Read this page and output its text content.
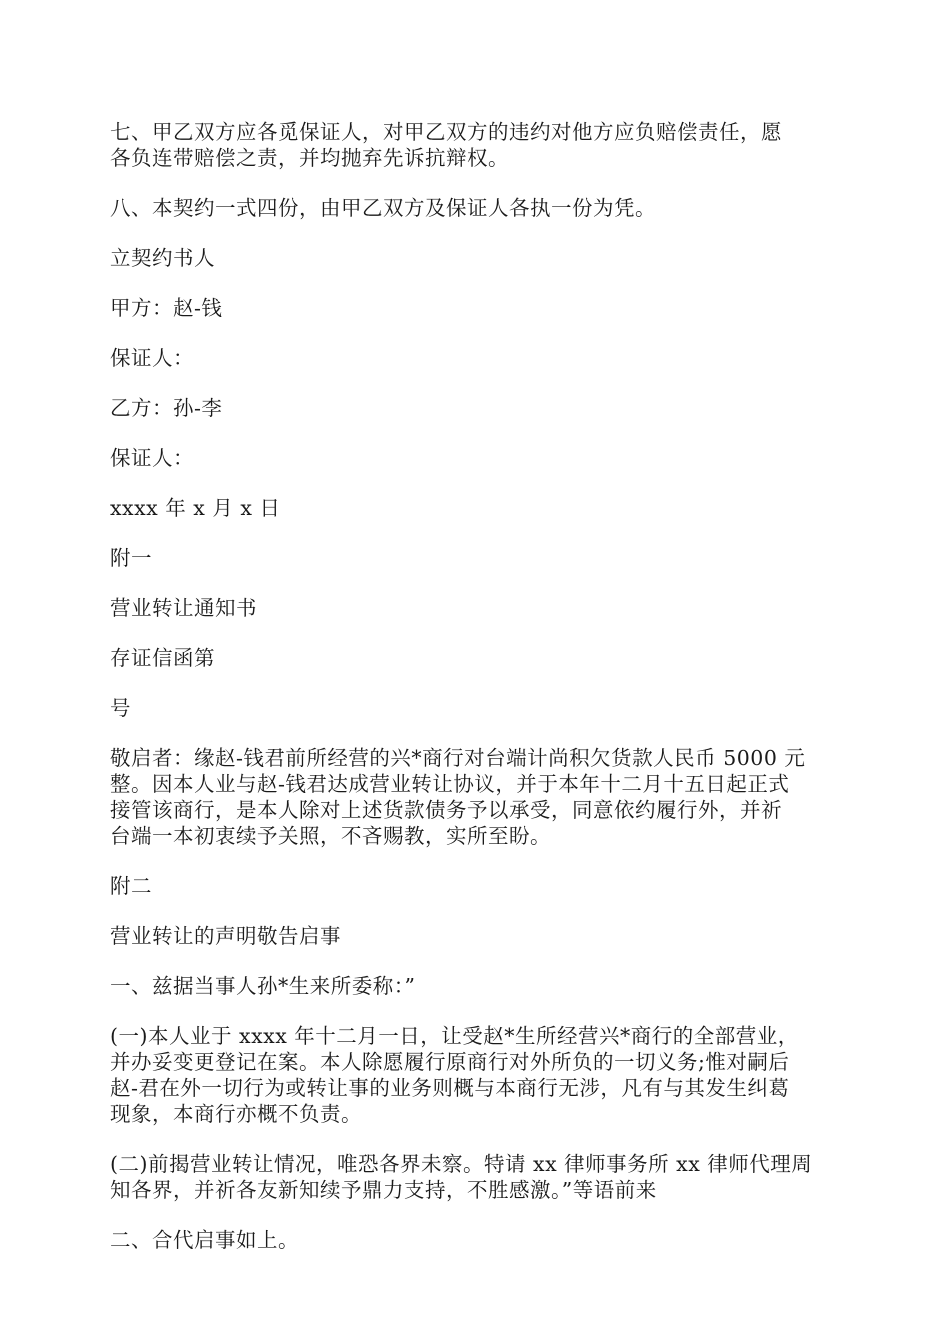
七、甲乙双方应各觅保证人，对甲乙双方的违约对他方应负赔偿责任，愿
各负连带赔偿之责，并均抛弃先诉抗辩权。

八、本契约一式四份，由甲乙双方及保证人各执一份为凭。

立契约书人

甲方：赵-钱

保证人：

乙方：孙-李

保证人：

xxxx 年 x 月 x 日

附一

营业转让通知书

存证信函第

号

敬启者：缘赵-钱君前所经营的兴*商行对台端计尚积欠货款人民币 5000 元
整。因本人业与赵-钱君达成营业转让协议，并于本年十二月十五日起正式
接管该商行，是本人除对上述货款债务予以承受，同意依约履行外，并祈
台端一本初衷续予关照，不吝赐教，实所至盼。

附二

营业转让的声明敬告启事

一、兹据当事人孙*生来所委称：”

(一)本人业于 xxxx 年十二月一日，让受赵*生所经营兴*商行的全部营业，
并办妥变更登记在案。本人除愿履行原商行对外所负的一切义务;惟对嗣后
赵-君在外一切行为或转让事的业务则概与本商行无涉，凡有与其发生纠葛
现象，本商行亦概不负责。

(二)前揭营业转让情况，唯恐各界未察。特请 xx 律师事务所 xx 律师代理周
知各界，并祈各友新知续予鼎力支持，不胜感激。”等语前来

二、合代启事如上。
